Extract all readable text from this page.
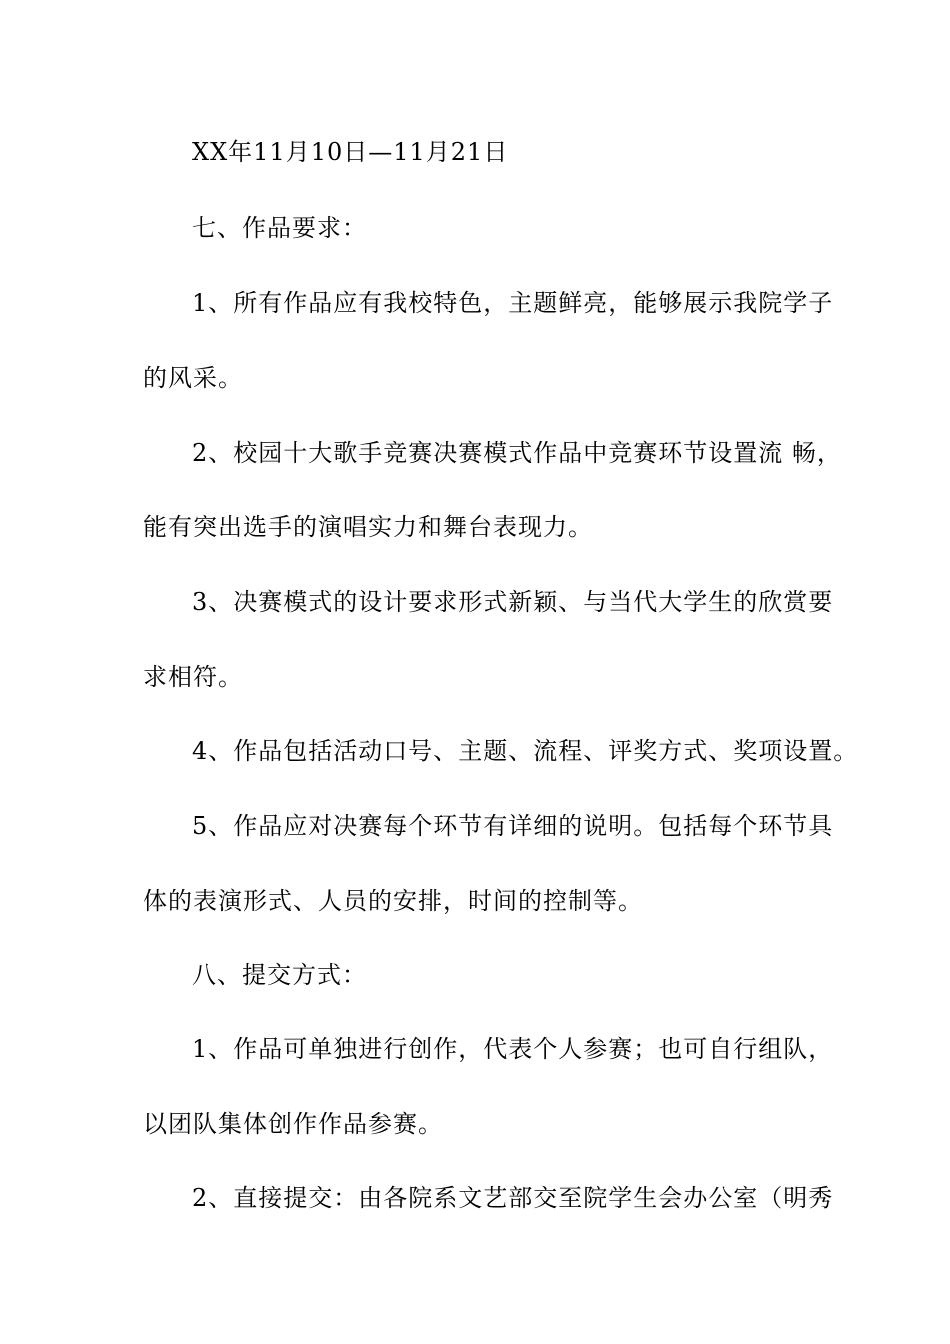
XX年11月10日—11月21日
七、作品要求：
1、所有作品应有我校特色，主题鲜亮，能够展示我院学子
的风采。
2、校园十大歌手竞赛决赛模式作品中竞赛环节设置流 畅，
能有突出选手的演唱实力和舞台表现力。
3、决赛模式的设计要求形式新颖、与当代大学生的欣赏要
求相符。
4、作品包括活动口号、主题、流程、评奖方式、奖项设置。
5、作品应对决赛每个环节有详细的说明。包括每个环节具
体的表演形式、人员的安排，时间的控制等。
八、提交方式：
1、作品可单独进行创作，代表个人参赛；也可自行组队，
以团队集体创作作品参赛。
2、直接提交：由各院系文艺部交至院学生会办公室（明秀
